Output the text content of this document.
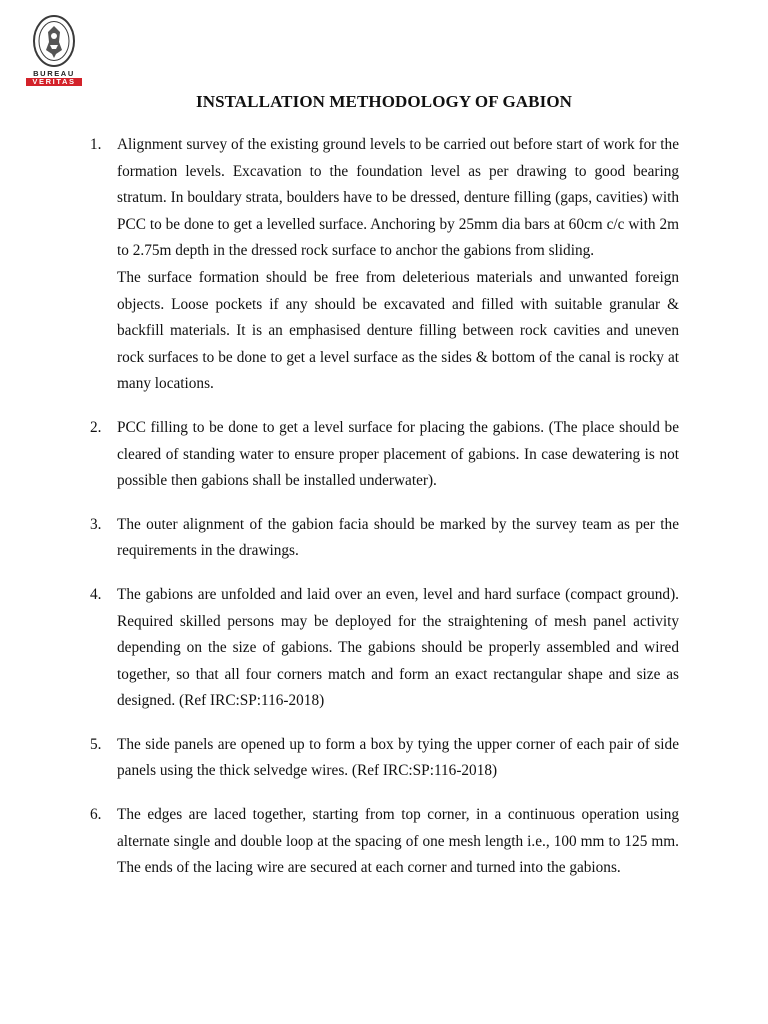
BUREAU
VERITAS
INSTALLATION METHODOLOGY OF GABION
1. Alignment survey of the existing ground levels to be carried out before start of work for the formation levels. Excavation to the foundation level as per drawing to good bearing stratum. In bouldary strata, boulders have to be dressed, denture filling (gaps, cavities) with PCC to be done to get a levelled surface. Anchoring by 25mm dia bars at 60cm c/c with 2m to 2.75m depth in the dressed rock surface to anchor the gabions from sliding.

The surface formation should be free from deleterious materials and unwanted foreign objects. Loose pockets if any should be excavated and filled with suitable granular & backfill materials. It is an emphasised denture filling between rock cavities and uneven rock surfaces to be done to get a level surface as the sides & bottom of the canal is rocky at many locations.

2. PCC filling to be done to get a level surface for placing the gabions. (The place should be cleared of standing water to ensure proper placement of gabions. In case dewatering is not possible then gabions shall be installed underwater).

3. The outer alignment of the gabion facia should be marked by the survey team as per the requirements in the drawings.

4. The gabions are unfolded and laid over an even, level and hard surface (compact ground). Required skilled persons may be deployed for the straightening of mesh panel activity depending on the size of gabions. The gabions should be properly assembled and wired together, so that all four corners match and form an exact rectangular shape and size as designed. (Ref IRC:SP:116-2018)

5. The side panels are opened up to form a box by tying the upper corner of each pair of side panels using the thick selvedge wires. (Ref IRC:SP:116-2018)

6. The edges are laced together, starting from top corner, in a continuous operation using alternate single and double loop at the spacing of one mesh length i.e., 100 mm to 125 mm. The ends of the lacing wire are secured at each corner and turned into the gabions.
